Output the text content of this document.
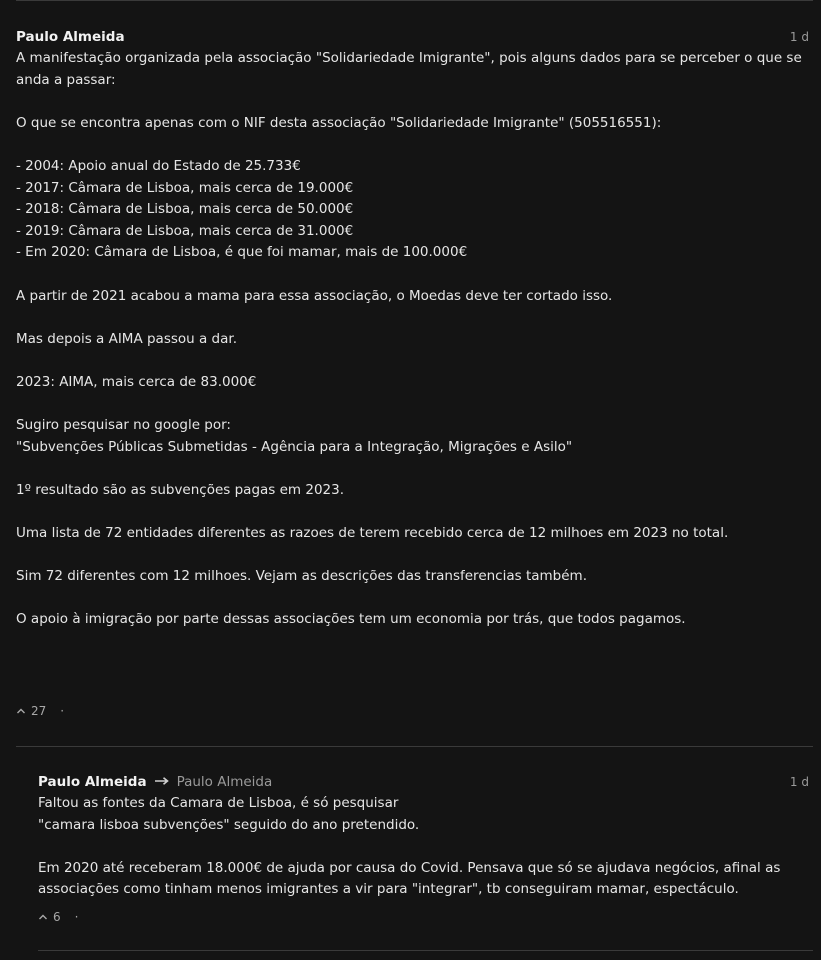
Paulo Almeida	1 d

A manifestação organizada pela associação "Solidariedade Imigrante", pois alguns dados para se perceber o que se anda a passar:

O que se encontra apenas com o NIF desta associação "Solidariedade Imigrante" (505516551):

- 2004: Apoio anual do Estado de 25.733€
- 2017: Câmara de Lisboa, mais cerca de 19.000€
- 2018: Câmara de Lisboa, mais cerca de 50.000€
- 2019: Câmara de Lisboa, mais cerca de 31.000€
- Em 2020: Câmara de Lisboa, é que foi mamar, mais de 100.000€

A partir de 2021 acabou a mama para essa associação, o Moedas deve ter cortado isso.

Mas depois a AIMA passou a dar.

2023: AIMA, mais cerca de 83.000€

Sugiro pesquisar no google por:
"Subvenções Públicas Submetidas - Agência para a Integração, Migrações e Asilo"

1º resultado são as subvenções pagas em 2023.

Uma lista de 72 entidades diferentes as razoes de terem recebido cerca de 12 milhoes em 2023 no total.

Sim 72 diferentes com 12 milhoes. Vejam as descrições das transferencias também.

O apoio à imigração por parte dessas associações tem um economia por trás, que todos pagamos.

27 ·
Paulo Almeida Paulo Almeida	1 d

Faltou as fontes da Camara de Lisboa, é só pesquisar
"camara lisboa subvenções" seguido do ano pretendido.

Em 2020 até receberam 18.000€ de ajuda por causa do Covid. Pensava que só se ajudava negócios, afinal as associações como tinham menos imigrantes a vir para "integrar", tb conseguiram mamar, espectáculo.

6 ·
